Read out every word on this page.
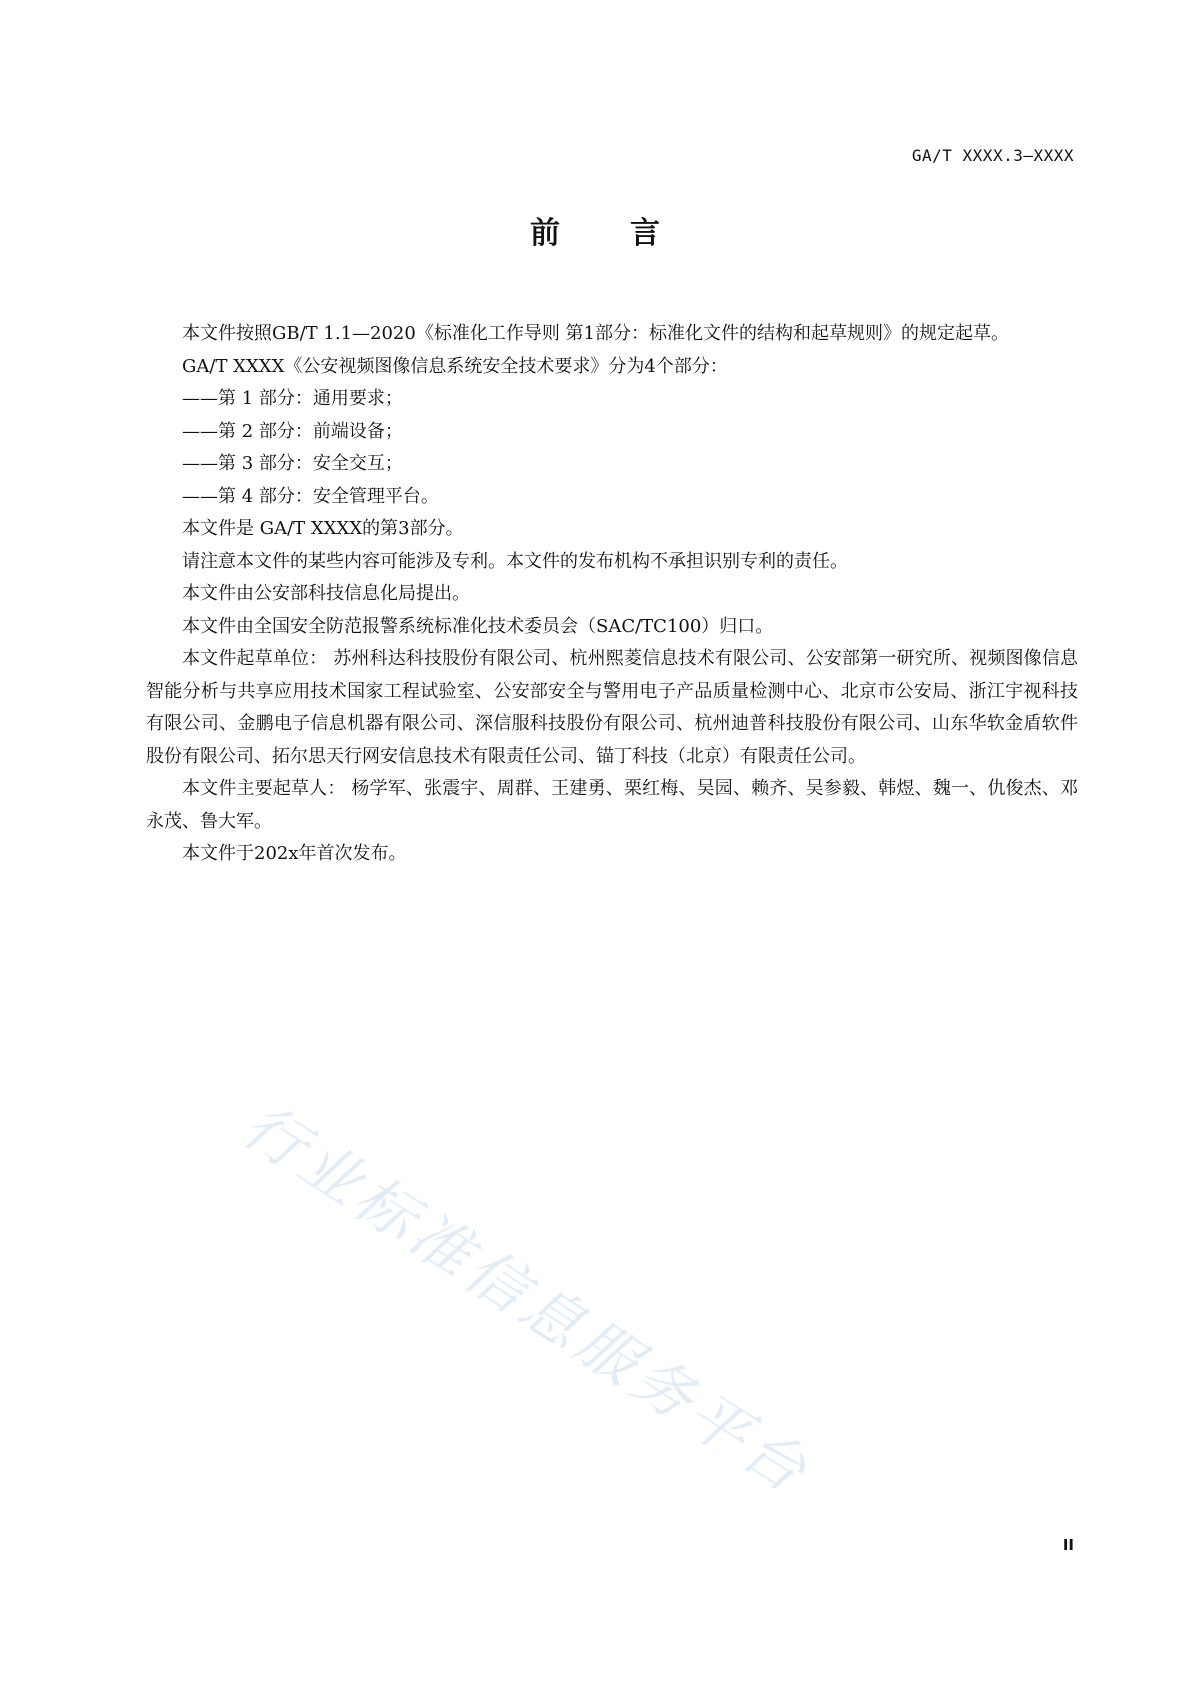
GA/T XXXX.3—XXXX
前言

本文件按照GB/T 1.1—2020《标准化工作导则 第1部分：标准化文件的结构和起草规则》的规定起草。

GA/T XXXX《公安视频图像信息系统安全技术要求》分为4个部分：

——第 1 部分：通用要求；

——第 2 部分：前端设备；

——第 3 部分：安全交互；

——第 4 部分：安全管理平台。

本文件是 GA/T XXXX的第3部分。

请注意本文件的某些内容可能涉及专利。本文件的发布机构不承担识别专利的责任。

本文件由公安部科技信息化局提出。

本文件由全国安全防范报警系统标准化技术委员会（SAC/TC100）归口。

本文件起草单位： 苏州科达科技股份有限公司、杭州熙菱信息技术有限公司、公安部第一研究所、视频图像信息智能分析与共享应用技术国家工程试验室、公安部安全与警用电子产品质量检测中心、北京市公安局、浙江宇视科技有限公司、金鹏电子信息机器有限公司、深信服科技股份有限公司、杭州迪普科技股份有限公司、山东华软金盾软件股份有限公司、拓尔思天行网安信息技术有限责任公司、锚丁科技（北京）有限责任公司。

本文件主要起草人： 杨学军、张震宇、周群、王建勇、栗红梅、吴园、赖齐、吴参毅、韩煜、魏一、仇俊杰、邓永茂、鲁大军。

本文件于202x年首次发布。

行业标准信息服务平台
II
